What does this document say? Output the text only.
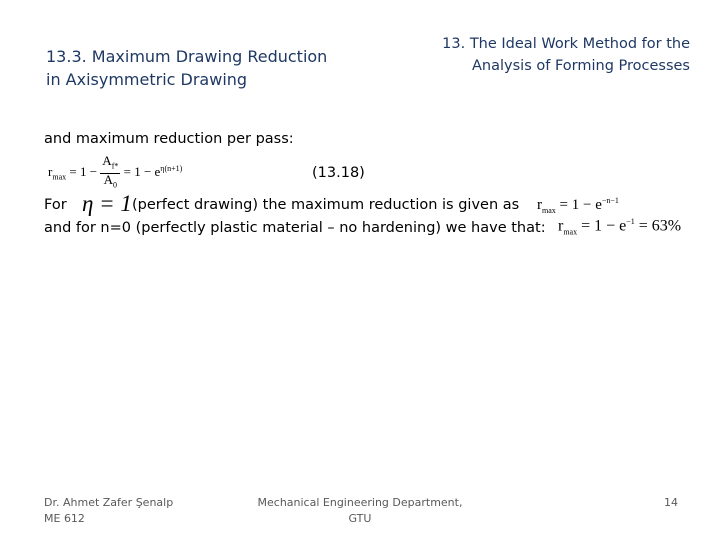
13.3. Maximum Drawing Reduction
in Axisymmetric Drawing
13. The Ideal Work Method for the
Analysis of Forming Processes
and maximum reduction per pass:
$r_{max} = 1 - \frac{A_{f*}}{A_0} = 1 - e^{\eta(n+1)}$	(13.18)
For η = 1 (perfect drawing) the maximum reduction is given as $r_{max} = 1 - e^{-n-1}$
and for n=0 (perfectly plastic material – no hardening) we have that: $r_{max} = 1 - e^{-1} = 63\%$
Dr. Ahmet Zafer Şenalp
ME 612
Mechanical Engineering Department,
GTU
14
